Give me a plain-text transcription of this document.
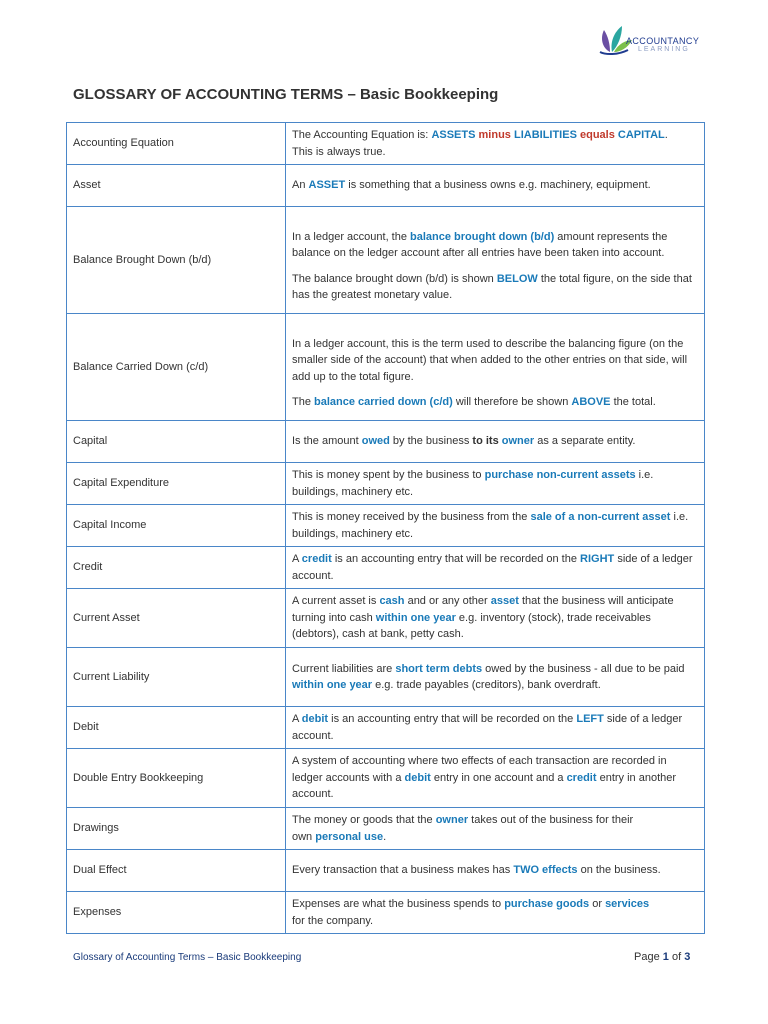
ACCOUNTANCY
LEARNING
GLOSSARY OF ACCOUNTING TERMS – Basic Bookkeeping
Accounting Equation	The Accounting Equation is: ASSETS minus LIABILITIES equals CAPITAL.
This is always true.

Asset	An ASSET is something that a business owns e.g. machinery, equipment.

Balance Brought Down (b/d)	In a ledger account, the balance brought down (b/d) amount represents the balance on the ledger account after all entries have been taken into account.

The balance brought down (b/d) is shown BELOW the total figure, on the side that has the greatest monetary value.

Balance Carried Down (c/d)	In a ledger account, this is the term used to describe the balancing figure (on the smaller side of the account) that when added to the other entries on that side, will add up to the total figure.

The balance carried down (c/d) will therefore be shown ABOVE the total.

Capital	Is the amount owed by the business to its owner as a separate entity.

Capital Expenditure	This is money spent by the business to purchase non-current assets i.e. buildings, machinery etc.

Capital Income	This is money received by the business from the sale of a non-current asset i.e. buildings, machinery etc.

Credit	A credit is an accounting entry that will be recorded on the RIGHT side of a ledger account.

Current Asset	A current asset is cash and or any other asset that the business will anticipate turning into cash within one year e.g. inventory (stock), trade receivables (debtors), cash at bank, petty cash.

Current Liability	Current liabilities are short term debts owed by the business - all due to be paid within one year e.g. trade payables (creditors), bank overdraft.

Debit	A debit is an accounting entry that will be recorded on the LEFT side of a ledger account.

Double Entry Bookkeeping	A system of accounting where two effects of each transaction are recorded in ledger accounts with a debit entry in one account and a credit entry in another account.

Drawings	The money or goods that the owner takes out of the business for their
own personal use.

Dual Effect	Every transaction that a business makes has TWO effects on the business.

Expenses	Expenses are what the business spends to purchase goods or services
for the company.

Glossary of Accounting Terms – Basic Bookkeeping	Page 1 of 3
